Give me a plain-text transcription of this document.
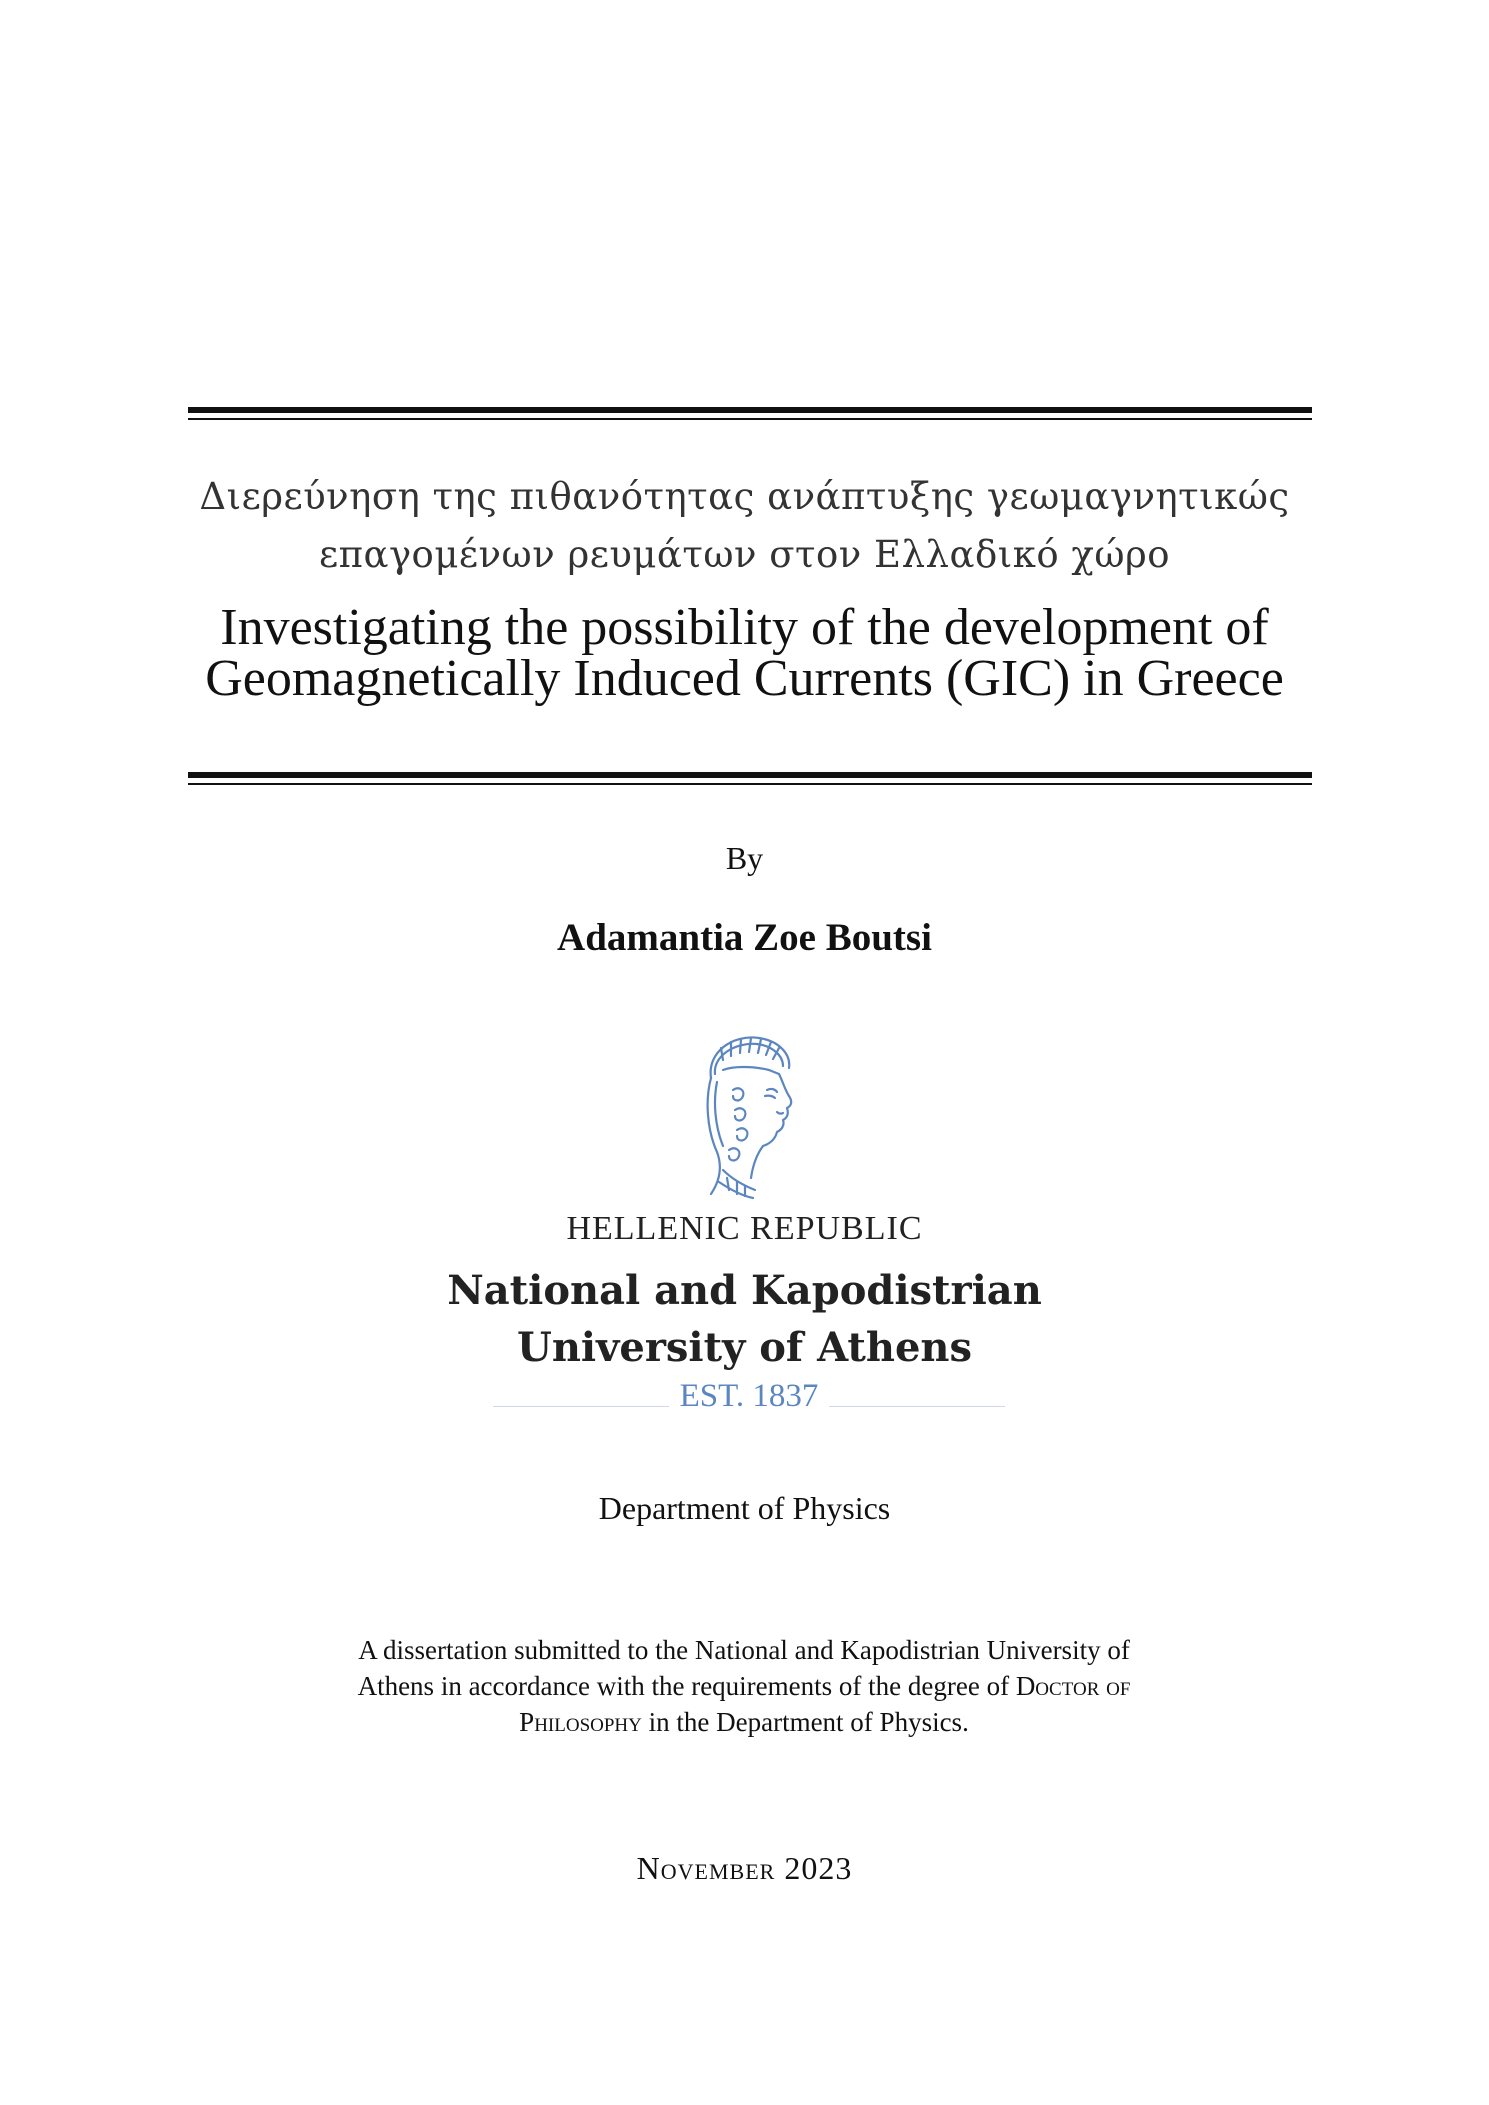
Διερεύνηση της πιθανότητας ανάπτυξης γεωμαγνητικώς
επαγομένων ρευμάτων στον Ελλαδικό χώρο
Investigating the possibility of the development of
Geomagnetically Induced Currents (GIC) in Greece
By
Adamantia Zoe Boutsi
HELLENIC REPUBLIC
National and Kapodistrian
University of Athens
EST. 1837
Department of Physics
A dissertation submitted to the National and Kapodistrian University of Athens in accordance with the requirements of the degree of Doctor of Philosophy in the Department of Physics.
November 2023
